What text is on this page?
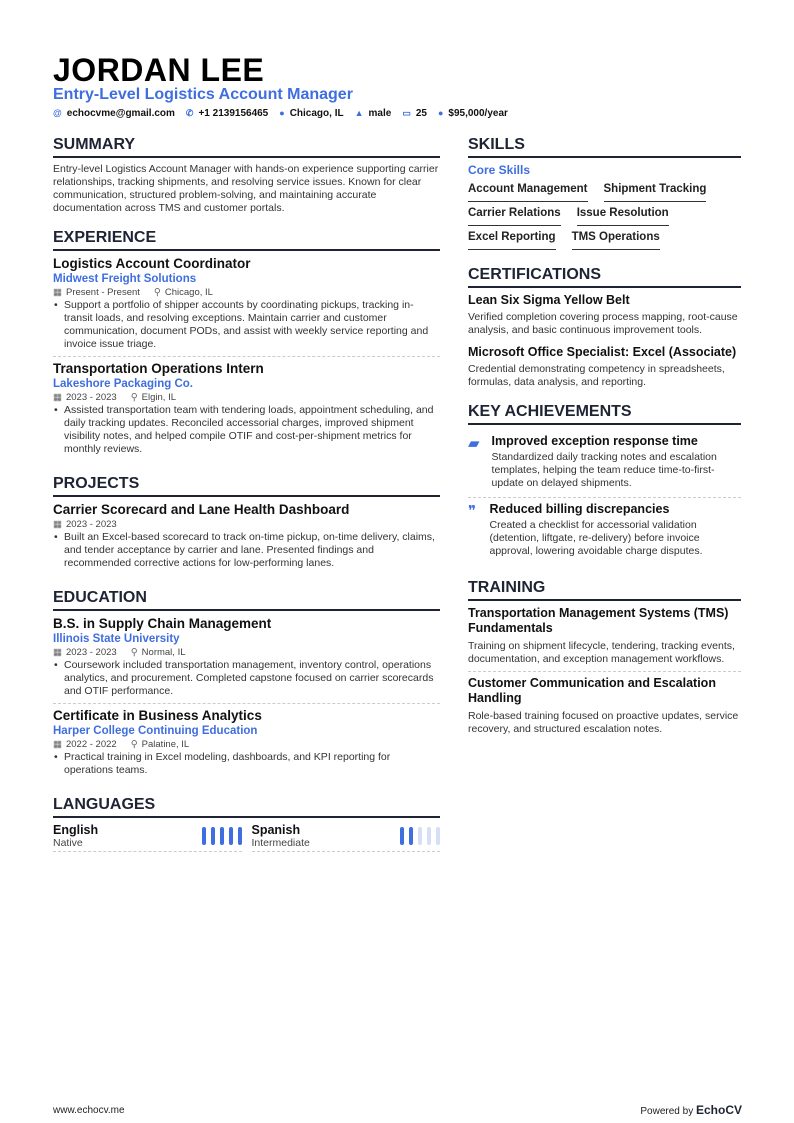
JORDAN LEE
Entry-Level Logistics Account Manager
@ echocvme@gmail.com ✆ +1 2139156465 ● Chicago, IL ▲ male ▭ 25 ● $95,000/year
SUMMARY
Entry-level Logistics Account Manager with hands-on experience supporting carrier relationships, tracking shipments, and resolving service issues. Known for clear communication, structured problem-solving, and maintaining accurate documentation across TMS and customer portals.
EXPERIENCE
Logistics Account Coordinator
Midwest Freight Solutions
▦ Present - Present ⚲ Chicago, IL
• Support a portfolio of shipper accounts by coordinating pickups, tracking in-transit loads, and resolving exceptions. Maintain carrier and customer communication, document PODs, and assist with weekly service reporting and invoice issue triage.
Transportation Operations Intern
Lakeshore Packaging Co.
▦ 2023 - 2023 ⚲ Elgin, IL
• Assisted transportation team with tendering loads, appointment scheduling, and daily tracking updates. Reconciled accessorial charges, improved shipment visibility notes, and helped compile OTIF and cost-per-shipment metrics for monthly reviews.
PROJECTS
Carrier Scorecard and Lane Health Dashboard
▦ 2023 - 2023
• Built an Excel-based scorecard to track on-time pickup, on-time delivery, claims, and tender acceptance by carrier and lane. Presented findings and recommended corrective actions for low-performing lanes.
EDUCATION
B.S. in Supply Chain Management
Illinois State University
▦ 2023 - 2023 ⚲ Normal, IL
• Coursework included transportation management, inventory control, operations analytics, and procurement. Completed capstone focused on carrier scorecards and OTIF performance.
Certificate in Business Analytics
Harper College Continuing Education
▦ 2022 - 2022 ⚲ Palatine, IL
• Practical training in Excel modeling, dashboards, and KPI reporting for operations teams.
LANGUAGES
English
Native
Spanish
Intermediate
SKILLS
Core Skills
Account Management Shipment Tracking
Carrier Relations Issue Resolution
Excel Reporting TMS Operations
CERTIFICATIONS
Lean Six Sigma Yellow Belt
Verified completion covering process mapping, root-cause analysis, and basic continuous improvement tools.
Microsoft Office Specialist: Excel (Associate)
Credential demonstrating competency in spreadsheets, formulas, data analysis, and reporting.
KEY ACHIEVEMENTS
▰ Improved exception response time
Standardized daily tracking notes and escalation templates, helping the team reduce time-to-first-update on delayed shipments.
❞ Reduced billing discrepancies
Created a checklist for accessorial validation (detention, liftgate, re-delivery) before invoice approval, lowering avoidable charge disputes.
TRAINING
Transportation Management Systems (TMS) Fundamentals
Training on shipment lifecycle, tendering, tracking events, documentation, and exception management workflows.
Customer Communication and Escalation Handling
Role-based training focused on proactive updates, service recovery, and structured escalation notes.
www.echocv.me	Powered by EchoCV
